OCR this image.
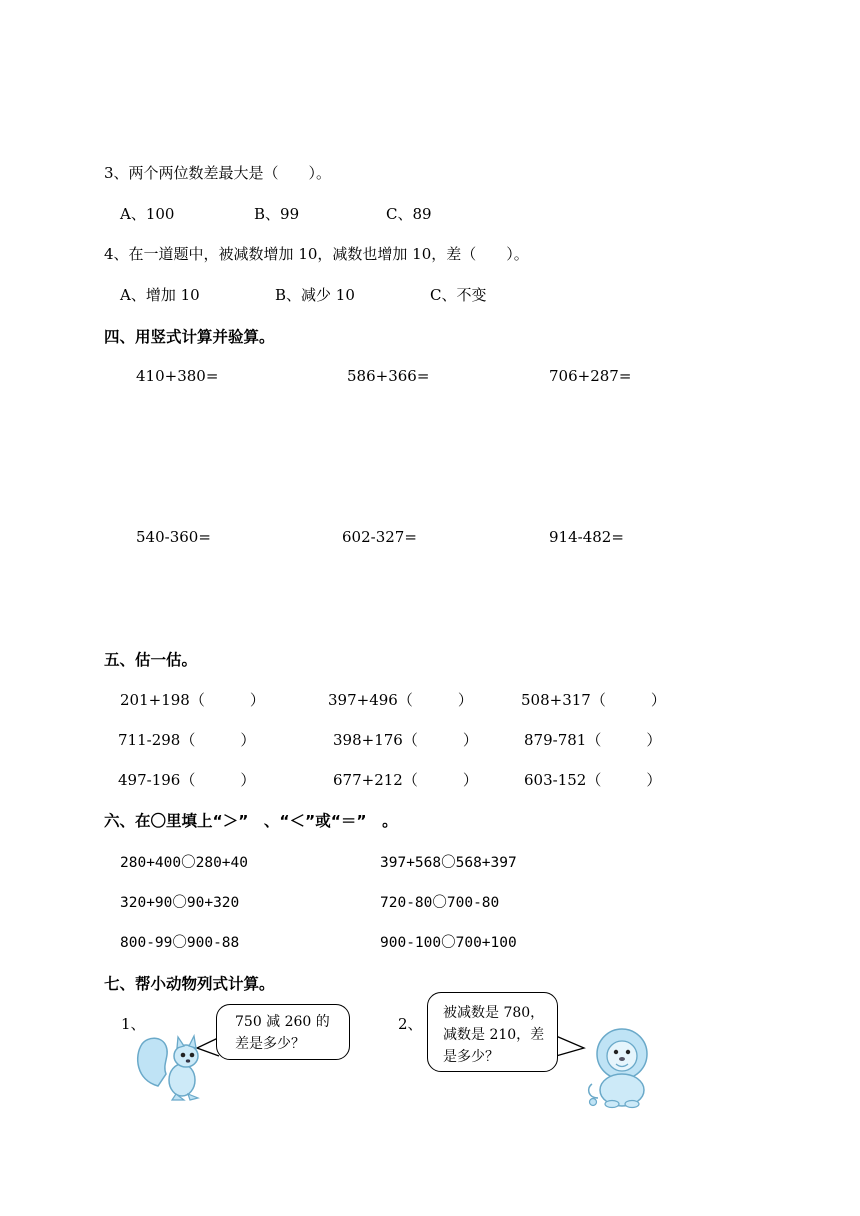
3、两个两位数差最大是（　　）。
A、100	B、99	C、89
4、在一道题中，被减数增加 10，减数也增加 10，差（　　）。
A、增加 10	B、减少 10	C、不变
四、用竖式计算并验算。
410+380=	586+366=	706+287=
540-360=	602-327=	914-482=
五、估一估。
201+198（　　　）	397+496（　　　）	508+317（　　　）
711-298（　　　）	398+176（　　　）	879-781（　　　）
497-196（　　　）	677+212（　　　）	603-152（　　　）
六、在〇里填上“＞”　、“＜”或“＝”　。
280+400〇280+40	397+568〇568+397
320+90〇90+320	720-80〇700-80
800-99〇900-88	900-100〇700+100
七、帮小动物列式计算。
1、	2、
750 减 260 的差是多少？
被减数是 780，减数是 210，差是多少？
